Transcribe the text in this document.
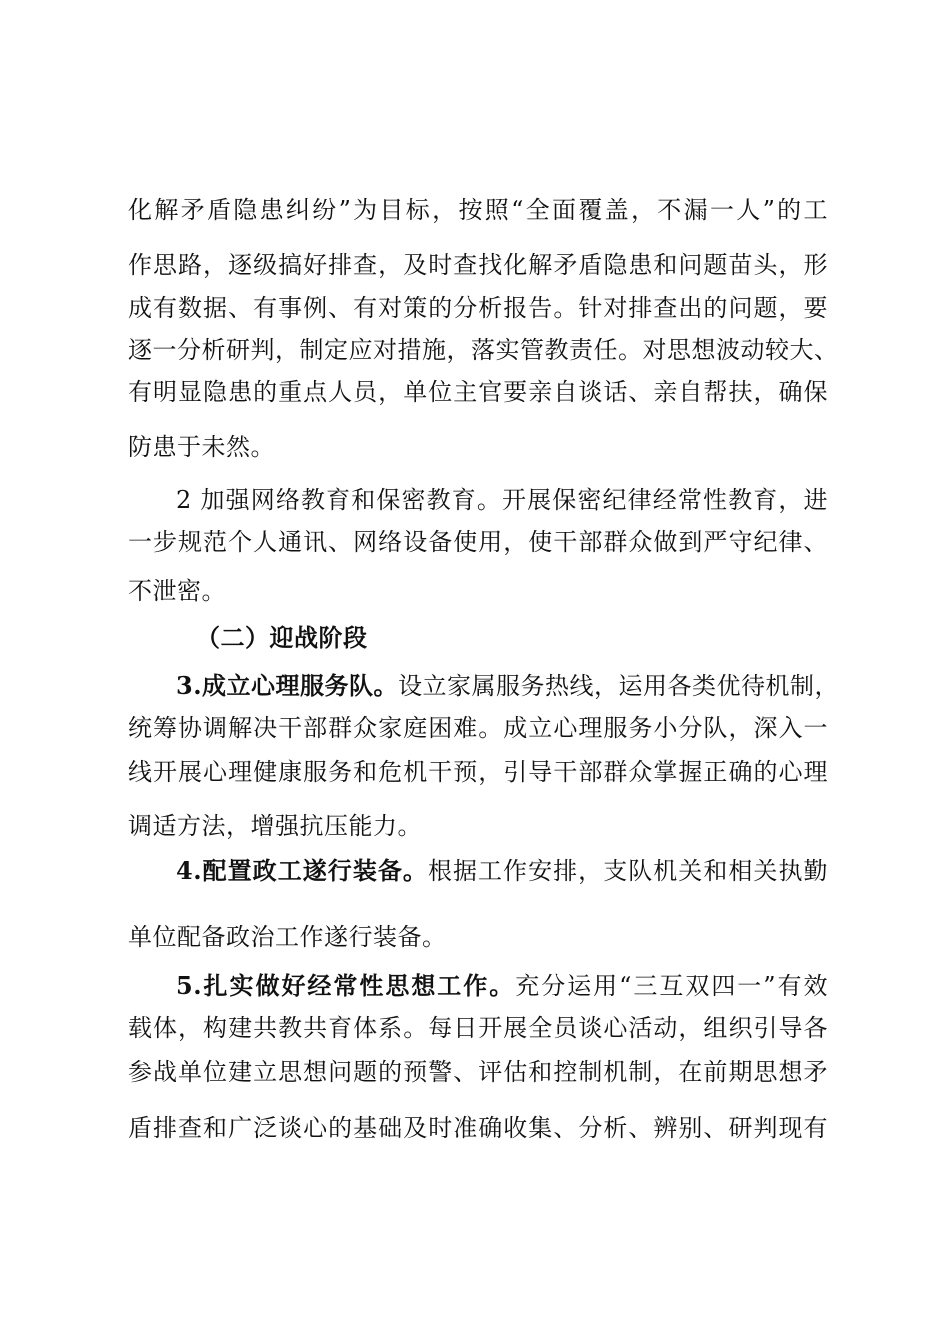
化解矛盾隐患纠纷”为目标，按照“全面覆盖，不漏一人”的工
作思路，逐级搞好排查，及时查找化解矛盾隐患和问题苗头，形
成有数据、有事例、有对策的分析报告。针对排查出的问题，要
逐一分析研判，制定应对措施，落实管教责任。对思想波动较大、
有明显隐患的重点人员，单位主官要亲自谈话、亲自帮扶，确保
防患于未然。
2 加强网络教育和保密教育。开展保密纪律经常性教育，进
一步规范个人通讯、网络设备使用，使干部群众做到严守纪律、
不泄密。
（二）迎战阶段
3.成立心理服务队。设立家属服务热线，运用各类优待机制，
统筹协调解决干部群众家庭困难。成立心理服务小分队，深入一
线开展心理健康服务和危机干预，引导干部群众掌握正确的心理
调适方法，增强抗压能力。
4.配置政工遂行装备。根据工作安排，支队机关和相关执勤
单位配备政治工作遂行装备。
5.扎实做好经常性思想工作。充分运用“三互双四一”有效
载体，构建共教共育体系。每日开展全员谈心活动，组织引导各
参战单位建立思想问题的预警、评估和控制机制，在前期思想矛
盾排查和广泛谈心的基础及时准确收集、分析、辨别、研判现有
